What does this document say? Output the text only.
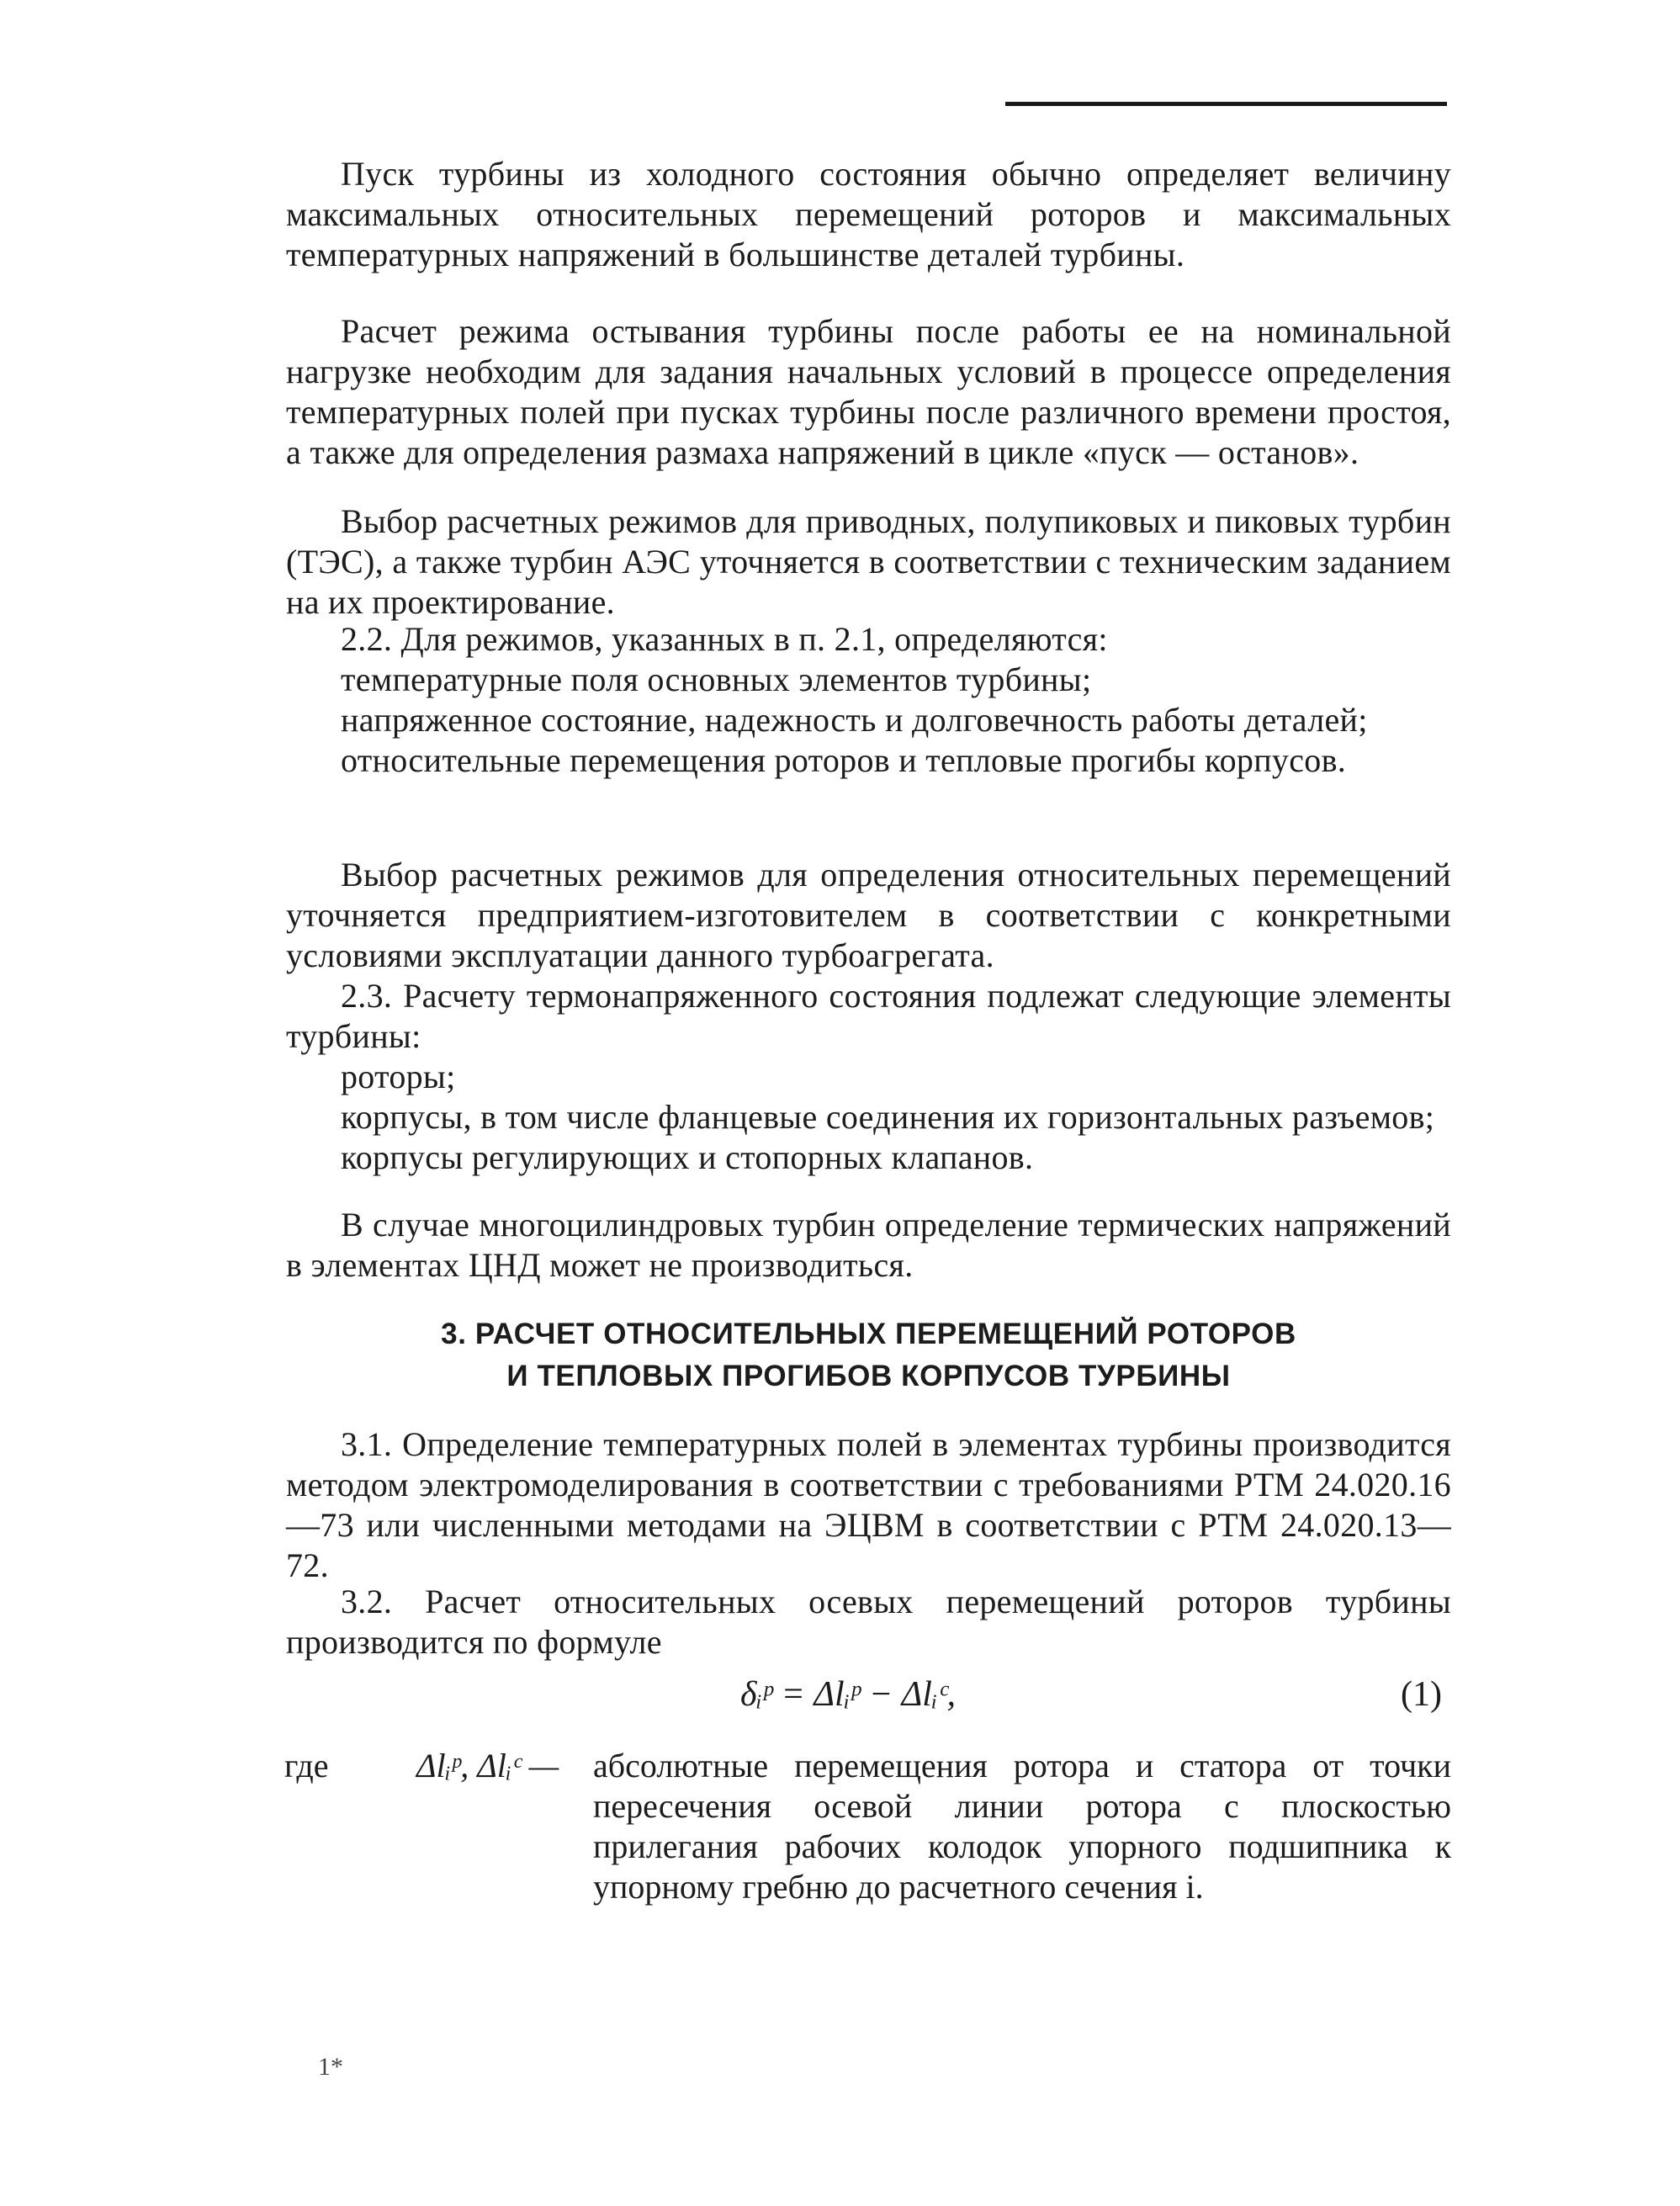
Пуск турбины из холодного состояния обычно определяет величину максимальных относительных перемещений роторов и максимальных температурных напряжений в большинстве деталей турбины.

Расчет режима остывания турбины после работы ее на номинальной нагрузке необходим для задания начальных условий в процессе определения температурных полей при пусках турбины после различного времени простоя, а также для определения размаха напряжений в цикле «пуск — останов».

Выбор расчетных режимов для приводных, полупиковых и пиковых турбин (ТЭС), а также турбин АЭС уточняется в соответствии с техническим заданием на их проектирование.

2.2. Для режимов, указанных в п. 2.1, определяются:

температурные поля основных элементов турбины;

напряженное состояние, надежность и долговечность работы деталей;

относительные перемещения роторов и тепловые прогибы корпусов.

Выбор расчетных режимов для определения относительных перемещений уточняется предприятием-изготовителем в соответствии с конкретными условиями эксплуатации данного турбоагрегата.

2.3. Расчету термонапряженного состояния подлежат следующие элементы турбины:

роторы;

корпусы, в том числе фланцевые соединения их горизонтальных разъемов;

корпусы регулирующих и стопорных клапанов.

В случае многоцилиндровых турбин определение термических напряжений в элементах ЦНД может не производиться.

3. РАСЧЕТ ОТНОСИТЕЛЬНЫХ ПЕРЕМЕЩЕНИЙ РОТОРОВ

И ТЕПЛОВЫХ ПРОГИБОВ КОРПУСОВ ТУРБИНЫ

3.1. Определение температурных полей в элементах турбины производится методом электромоделирования в соответствии с требованиями РТМ 24.020.16—73 или численными методами на ЭЦВМ в соответствии с РТМ 24.020.13—72.

3.2. Расчет относительных осевых перемещений роторов турбины производится по формуле

δᵢᵖ = Δlᵢᵖ − Δlᵢᶜ,	(1)
где	Δlᵢᵖ, Δlᵢᶜ — абсолютные перемещения ротора и статора от точки пересечения осевой линии ротора с плоскостью прилегания рабочих колодок упорного подшипника к упорному гребню до расчетного сечения i.

1*
